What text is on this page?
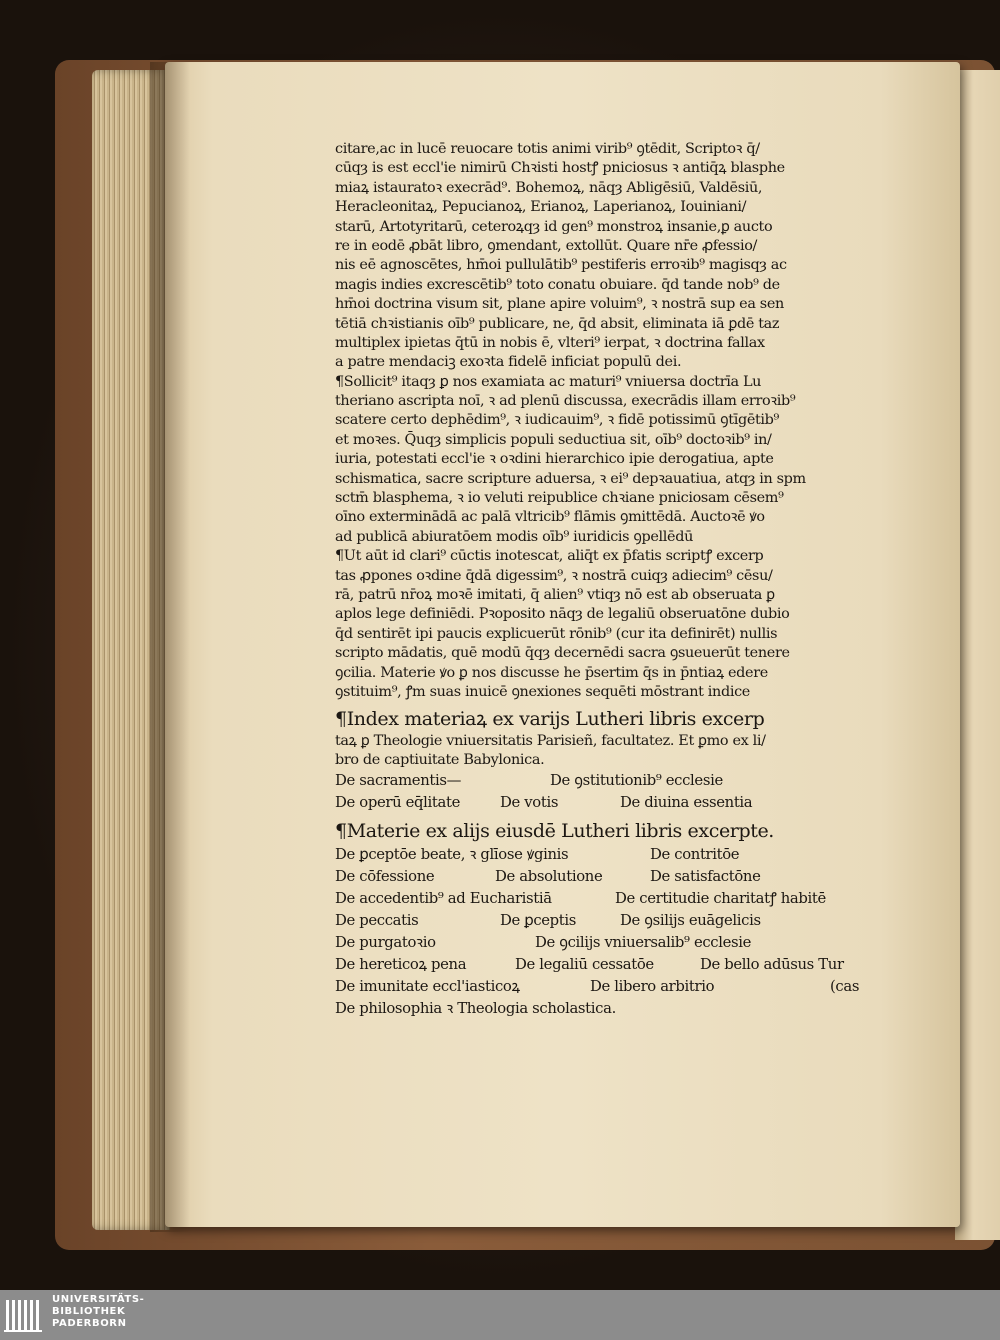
citare,ac in lucē reuocare totis animi virib⁹ ꝯtēdit, Scriptoꝛ q̄/
cūqȝ is est eccl'ie nimirū Chꝛisti hostꝭ pniciosus ꝛ antiq̄ꝝ blasphe
miaꝝ istauratoꝛ execrād⁹. Bohemoꝝ, nāqȝ Abligēsiū, Valdēsiū,
Heracleonitaꝝ, Pepucianoꝝ, Erianoꝝ, Laperianoꝝ, Iouiniani/
starū, Artotyritarū, ceteroꝝqȝ id gen⁹ monstroꝝ insanie,ꝑ aucto
re in eodē ꝓbāt libro, ꝯmendant, extollūt. Quare nr̄e ꝓfessio/
nis eē agnoscētes, hm̄oi pullulātib⁹ pestiferis erroꝛib⁹ magisqȝ ac
magis indies excrescētib⁹ toto conatu obuiare. q̄d tande nob⁹ de
hm̄oi doctrina visum sit, plane apire voluim⁹, ꝛ nostrā sup ea sen
tētiā chꝛistianis oīb⁹ publicare, ne, q̄d absit, eliminata iā ꝑdē taz
multiplex ipietas q̄tū in nobis ē, vlteri⁹ ierpat, ꝛ doctrina fallax
a patre mendaciꝫ exoꝛta fidelē inficiat populū dei.
¶Sollicit⁹ itaqȝ ꝑ nos examiata ac maturi⁹ vniuersa doctrīa Lu
theriano ascripta noī, ꝛ ad plenū discussa, execrādis illam erroꝛib⁹
scatere certo dephēdim⁹, ꝛ iudicauim⁹, ꝛ fidē potissimū ꝯtīgētib⁹
et moꝛes. Q̄uqȝ simplicis populi seductiua sit, oīb⁹ doctoꝛib⁹ in/
iuria, potestati eccl'ie ꝛ oꝛdini hierarchico ipie derogatiua, apte
schismatica, sacre scripture aduersa, ꝛ ei⁹ depꝛauatiua, atqȝ in spm
sctm̄ blasphema, ꝛ io veluti reipublice chꝛiane pniciosam cēsem⁹
oīno exterminādā ac palā vltricib⁹ flāmis ꝯmittēdā. Auctoꝛē ꝟo
ad publicā abiuratōem modis oīb⁹ iuridicis ꝯpellēdū
¶Ut aūt id clari⁹ cūctis inotescat, aliq̄t ex p̄fatis scriptꝭ excerp
tas ꝓpones oꝛdine q̄dā digessim⁹, ꝛ nostrā cuiqȝ adiecim⁹ cēsu/
rā, patrū nr̄oꝝ moꝛē imitati, q̄ alien⁹ vtiqȝ nō est ab obseruata ꝑ
aplos lege definiēdi. Pꝛoposito nāqȝ de legaliū obseruatōne dubio
q̄d sentirēt ipi paucis explicuerūt rōnib⁹ (cur ita definirēt) nullis
scripto mādatis, quē modū q̄qȝ decernēdi sacra ꝯsueuerūt tenere
ꝯcilia. Materie ꝟo ꝑ nos discusse he p̄sertim q̄s in p̄ntiaꝝ edere
ꝯstituim⁹, ꝭm suas inuicē ꝯnexiones sequēti mōstrant indice
¶Index materiaꝝ ex varijs Lutheri libris excerp
taꝝ ꝑ Theologie vniuersitatis Parisieñ, facultatez. Et ꝑmo ex li/
bro de captiuitate Babylonica.
De sacramentis—	De ꝯstitutionib⁹ ecclesie
De operū eq̄litate	De votis	De diuina essentia
¶Materie ex alijs eiusdē Lutheri libris excerpte.
De ꝑceptōe beate, ꝛ glīose ꝟginis	De contritōe
De cōfessione	De absolutione	De satisfactōne
De accedentib⁹ ad Eucharistiā	De certitudie charitatꝭ habitē
De peccatis	De ꝑceptis	De ꝯsilijs euāgelicis
De purgatoꝛio	De ꝯcilijs vniuersalib⁹ ecclesie
De hereticoꝝ pena	De legaliū cessatōe	De bello adūsus Tur
De imunitate eccl'iasticoꝝ	De libero arbitrio	(cas
De philosophia ꝛ Theologia scholastica.
UNIVERSITÄTS-
BIBLIOTHEK
PADERBORN
